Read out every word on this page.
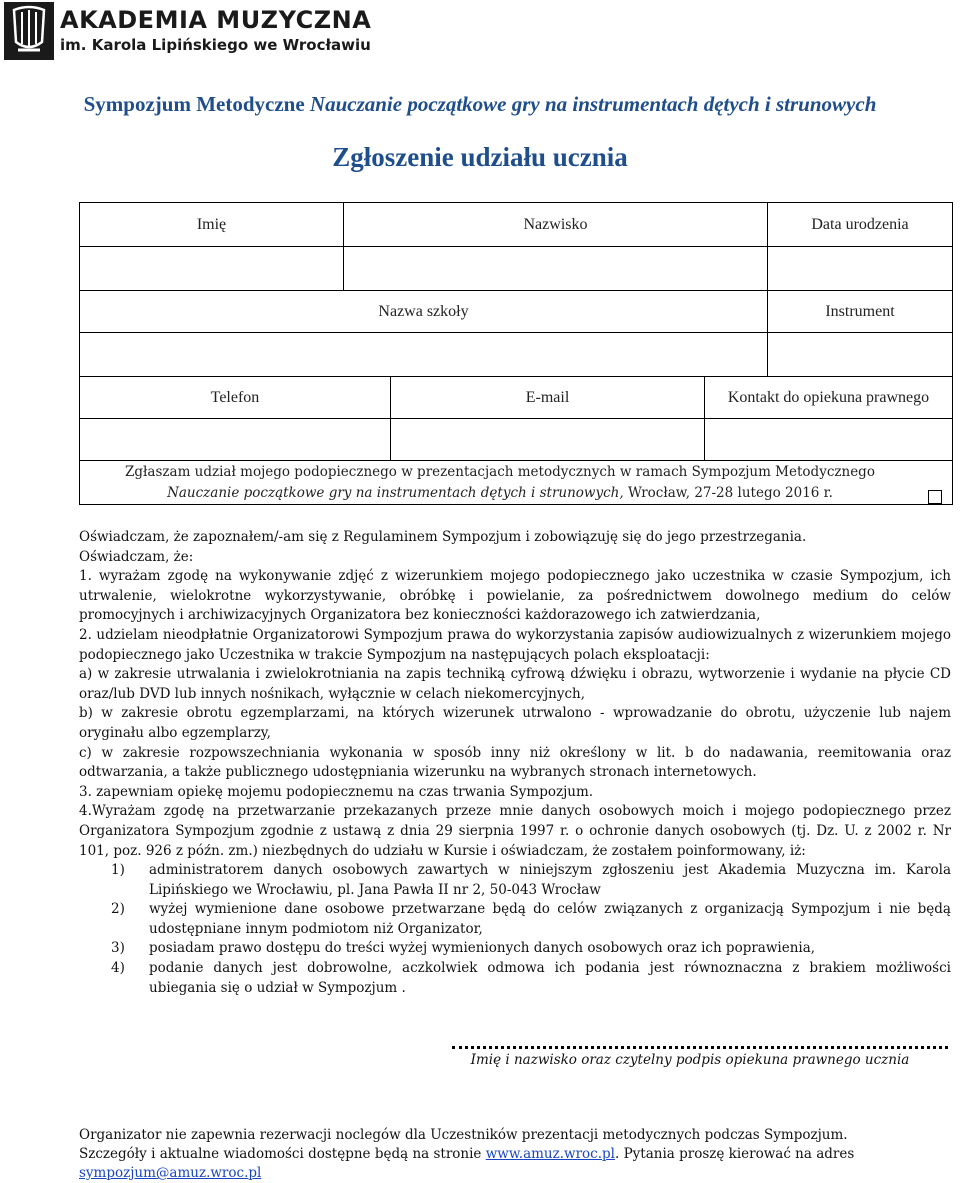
AKADEMIA MUZYCZNA
im. Karola Lipińskiego we Wrocławiu
Sympozjum Metodyczne Nauczanie początkowe gry na instrumentach dętych i strunowych
Zgłoszenie udziału ucznia
Imię	Nazwisko	Data urodzenia
Nazwa szkoły	Instrument
Telefon	E-mail	Kontakt do opiekuna prawnego
Zgłaszam udział mojego podopiecznego w prezentacjach metodycznych w ramach Sympozjum Metodycznego
Nauczanie początkowe gry na instrumentach dętych i strunowych, Wrocław, 27-28 lutego 2016 r.

Oświadczam, że zapoznałem/-am się z Regulaminem Sympozjum i zobowiązuję się do jego przestrzegania.

Oświadczam, że:

1. wyrażam zgodę na wykonywanie zdjęć z wizerunkiem mojego podopiecznego jako uczestnika w czasie Sympozjum, ich utrwalenie, wielokrotne wykorzystywanie, obróbkę i powielanie, za pośrednictwem dowolnego medium do celów promocyjnych i archiwizacyjnych Organizatora bez konieczności każdorazowego ich zatwierdzania,

2. udzielam nieodpłatnie Organizatorowi Sympozjum prawa do wykorzystania zapisów audiowizualnych z wizerunkiem mojego podopiecznego jako Uczestnika w trakcie Sympozjum na następujących polach eksploatacji:

a) w zakresie utrwalania i zwielokrotniania na zapis techniką cyfrową dźwięku i obrazu, wytworzenie i wydanie na płycie CD oraz/lub DVD lub innych nośnikach, wyłącznie w celach niekomercyjnych,

b) w zakresie obrotu egzemplarzami, na których wizerunek utrwalono - wprowadzanie do obrotu, użyczenie lub najem oryginału albo egzemplarzy,

c) w zakresie rozpowszechniania wykonania w sposób inny niż określony w lit. b do nadawania, reemitowania oraz odtwarzania, a także publicznego udostępniania wizerunku na wybranych stronach internetowych.

3. zapewniam opiekę mojemu podopiecznemu na czas trwania Sympozjum.

4.Wyrażam zgodę na przetwarzanie przekazanych przeze mnie danych osobowych moich i mojego podopiecznego przez Organizatora Sympozjum zgodnie z ustawą z dnia 29 sierpnia 1997 r. o ochronie danych osobowych (tj. Dz. U. z 2002 r. Nr 101, poz. 926 z późn. zm.) niezbędnych do udziału w Kursie i oświadczam, że zostałem poinformowany, iż:

1) administratorem danych osobowych zawartych w niniejszym zgłoszeniu jest Akademia Muzyczna im. Karola Lipińskiego we Wrocławiu, pl. Jana Pawła II nr 2, 50-043 Wrocław
2) wyżej wymienione dane osobowe przetwarzane będą do celów związanych z organizacją Sympozjum i nie będą udostępniane innym podmiotom niż Organizator,
3) posiadam prawo dostępu do treści wyżej wymienionych danych osobowych oraz ich poprawienia,
4) podanie danych jest dobrowolne, aczkolwiek odmowa ich podania jest równoznaczna z brakiem możliwości ubiegania się o udział w Sympozjum .
Imię i nazwisko oraz czytelny podpis opiekuna prawnego ucznia

Organizator nie zapewnia rezerwacji noclegów dla Uczestników prezentacji metodycznych podczas Sympozjum.

Szczegóły i aktualne wiadomości dostępne będą na stronie www.amuz.wroc.pl. Pytania proszę kierować na adres

sympozjum@amuz.wroc.pl
